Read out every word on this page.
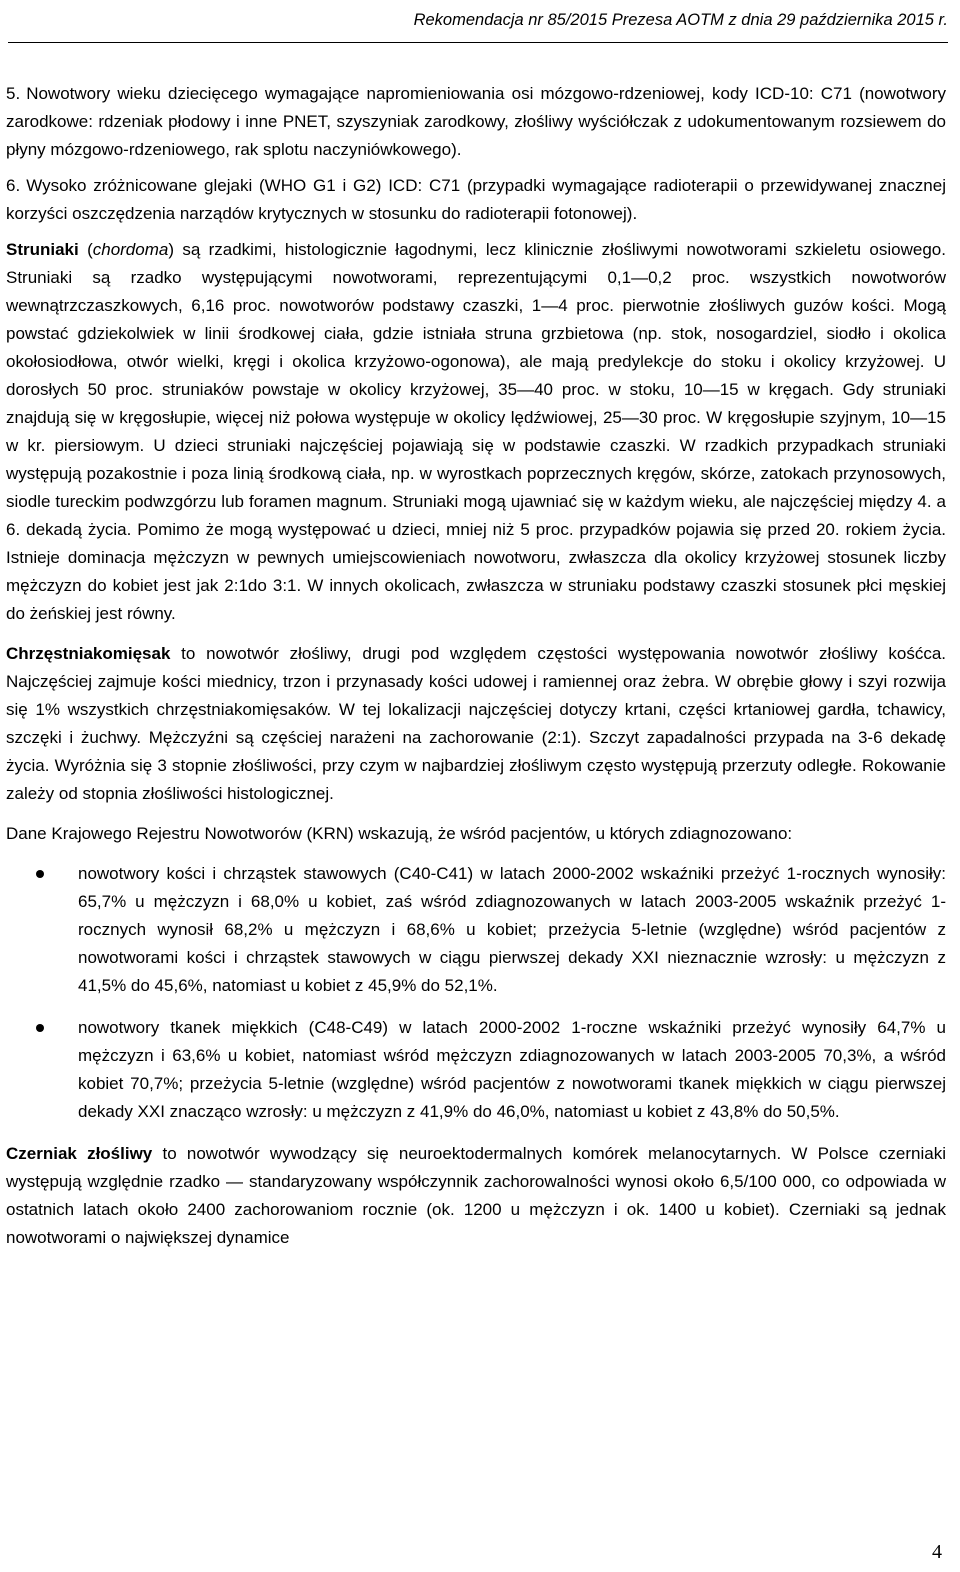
Rekomendacja nr 85/2015 Prezesa AOTM z dnia 29 października 2015 r.

5. Nowotwory wieku dziecięcego wymagające napromieniowania osi mózgowo-rdzeniowej, kody ICD-10: C71 (nowotwory zarodkowe: rdzeniak płodowy i inne PNET, szyszyniak zarodkowy, złośliwy wyściółczak z udokumentowanym rozsiewem do płyny mózgowo-rdzeniowego, rak splotu naczyniówkowego).

6. Wysoko zróżnicowane glejaki (WHO G1 i G2) ICD: C71 (przypadki wymagające radioterapii o przewidywanej znacznej korzyści oszczędzenia narządów krytycznych w stosunku do radioterapii fotonowej).

Struniaki (chordoma) są rzadkimi, histologicznie łagodnymi, lecz klinicznie złośliwymi nowotworami szkieletu osiowego. Struniaki są rzadko występującymi nowotworami, reprezentującymi 0,1—0,2 proc. wszystkich nowotworów wewnątrzczaszkowych, 6,16 proc. nowotworów podstawy czaszki, 1—4 proc. pierwotnie złośliwych guzów kości. Mogą powstać gdziekolwiek w linii środkowej ciała, gdzie istniała struna grzbietowa (np. stok, nosogardziel, siodło i okolica okołosiodłowa, otwór wielki, kręgi i okolica krzyżowo-ogonowa), ale mają predylekcje do stoku i okolicy krzyżowej. U dorosłych 50 proc. struniaków powstaje w okolicy krzyżowej, 35—40 proc. w stoku, 10—15 w kręgach. Gdy struniaki znajdują się w kręgosłupie, więcej niż połowa występuje w okolicy lędźwiowej, 25—30 proc. W kręgosłupie szyjnym, 10—15 w kr. piersiowym. U dzieci struniaki najczęściej pojawiają się w podstawie czaszki. W rzadkich przypadkach struniaki występują pozakostnie i poza linią środkową ciała, np. w wyrostkach poprzecznych kręgów, skórze, zatokach przynosowych, siodle tureckim podwzgórzu lub foramen magnum. Struniaki mogą ujawniać się w każdym wieku, ale najczęściej między 4. a 6. dekadą życia. Pomimo że mogą występować u dzieci, mniej niż 5 proc. przypadków pojawia się przed 20. rokiem życia. Istnieje dominacja mężczyzn w pewnych umiejscowieniach nowotworu, zwłaszcza dla okolicy krzyżowej stosunek liczby mężczyzn do kobiet jest jak 2:1do 3:1. W innych okolicach, zwłaszcza w struniaku podstawy czaszki stosunek płci męskiej do żeńskiej jest równy.

Chrzęstniakomięsak to nowotwór złośliwy, drugi pod względem częstości występowania nowotwór złośliwy kośćca. Najczęściej zajmuje kości miednicy, trzon i przynasady kości udowej i ramiennej oraz żebra. W obrębie głowy i szyi rozwija się 1% wszystkich chrzęstniakomięsaków. W tej lokalizacji najczęściej dotyczy krtani, części krtaniowej gardła, tchawicy, szczęki i żuchwy. Mężczyźni są częściej narażeni na zachorowanie (2:1). Szczyt zapadalności przypada na 3-6 dekadę życia. Wyróżnia się 3 stopnie złośliwości, przy czym w najbardziej złośliwym często występują przerzuty odległe. Rokowanie zależy od stopnia złośliwości histologicznej.

Dane Krajowego Rejestru Nowotworów (KRN) wskazują, że wśród pacjentów, u których zdiagnozowano:

nowotwory kości i chrząstek stawowych (C40-C41) w latach 2000-2002 wskaźniki przeżyć 1-rocznych wynosiły: 65,7% u mężczyzn i 68,0% u kobiet, zaś wśród zdiagnozowanych w latach 2003-2005 wskaźnik przeżyć 1-rocznych wynosił 68,2% u mężczyzn i 68,6% u kobiet; przeżycia 5-letnie (względne) wśród pacjentów z nowotworami kości i chrząstek stawowych w ciągu pierwszej dekady XXI nieznacznie wzrosły: u mężczyzn z 41,5% do 45,6%, natomiast u kobiet z 45,9% do 52,1%.
nowotwory tkanek miękkich (C48-C49) w latach 2000-2002 1-roczne wskaźniki przeżyć wynosiły 64,7% u mężczyzn i 63,6% u kobiet, natomiast wśród mężczyzn zdiagnozowanych w latach 2003-2005 70,3%, a wśród kobiet 70,7%; przeżycia 5-letnie (względne) wśród pacjentów z nowotworami tkanek miękkich w ciągu pierwszej dekady XXI znacząco wzrosły: u mężczyzn z 41,9% do 46,0%, natomiast u kobiet z 43,8% do 50,5%.

Czerniak złośliwy to nowotwór wywodzący się neuroektodermalnych komórek melanocytarnych. W Polsce czerniaki występują względnie rzadko — standaryzowany współczynnik zachorowalności wynosi około 6,5/100 000, co odpowiada w ostatnich latach około 2400 zachorowaniom rocznie (ok. 1200 u mężczyzn i ok. 1400 u kobiet). Czerniaki są jednak nowotworami o największej dynamice

4
